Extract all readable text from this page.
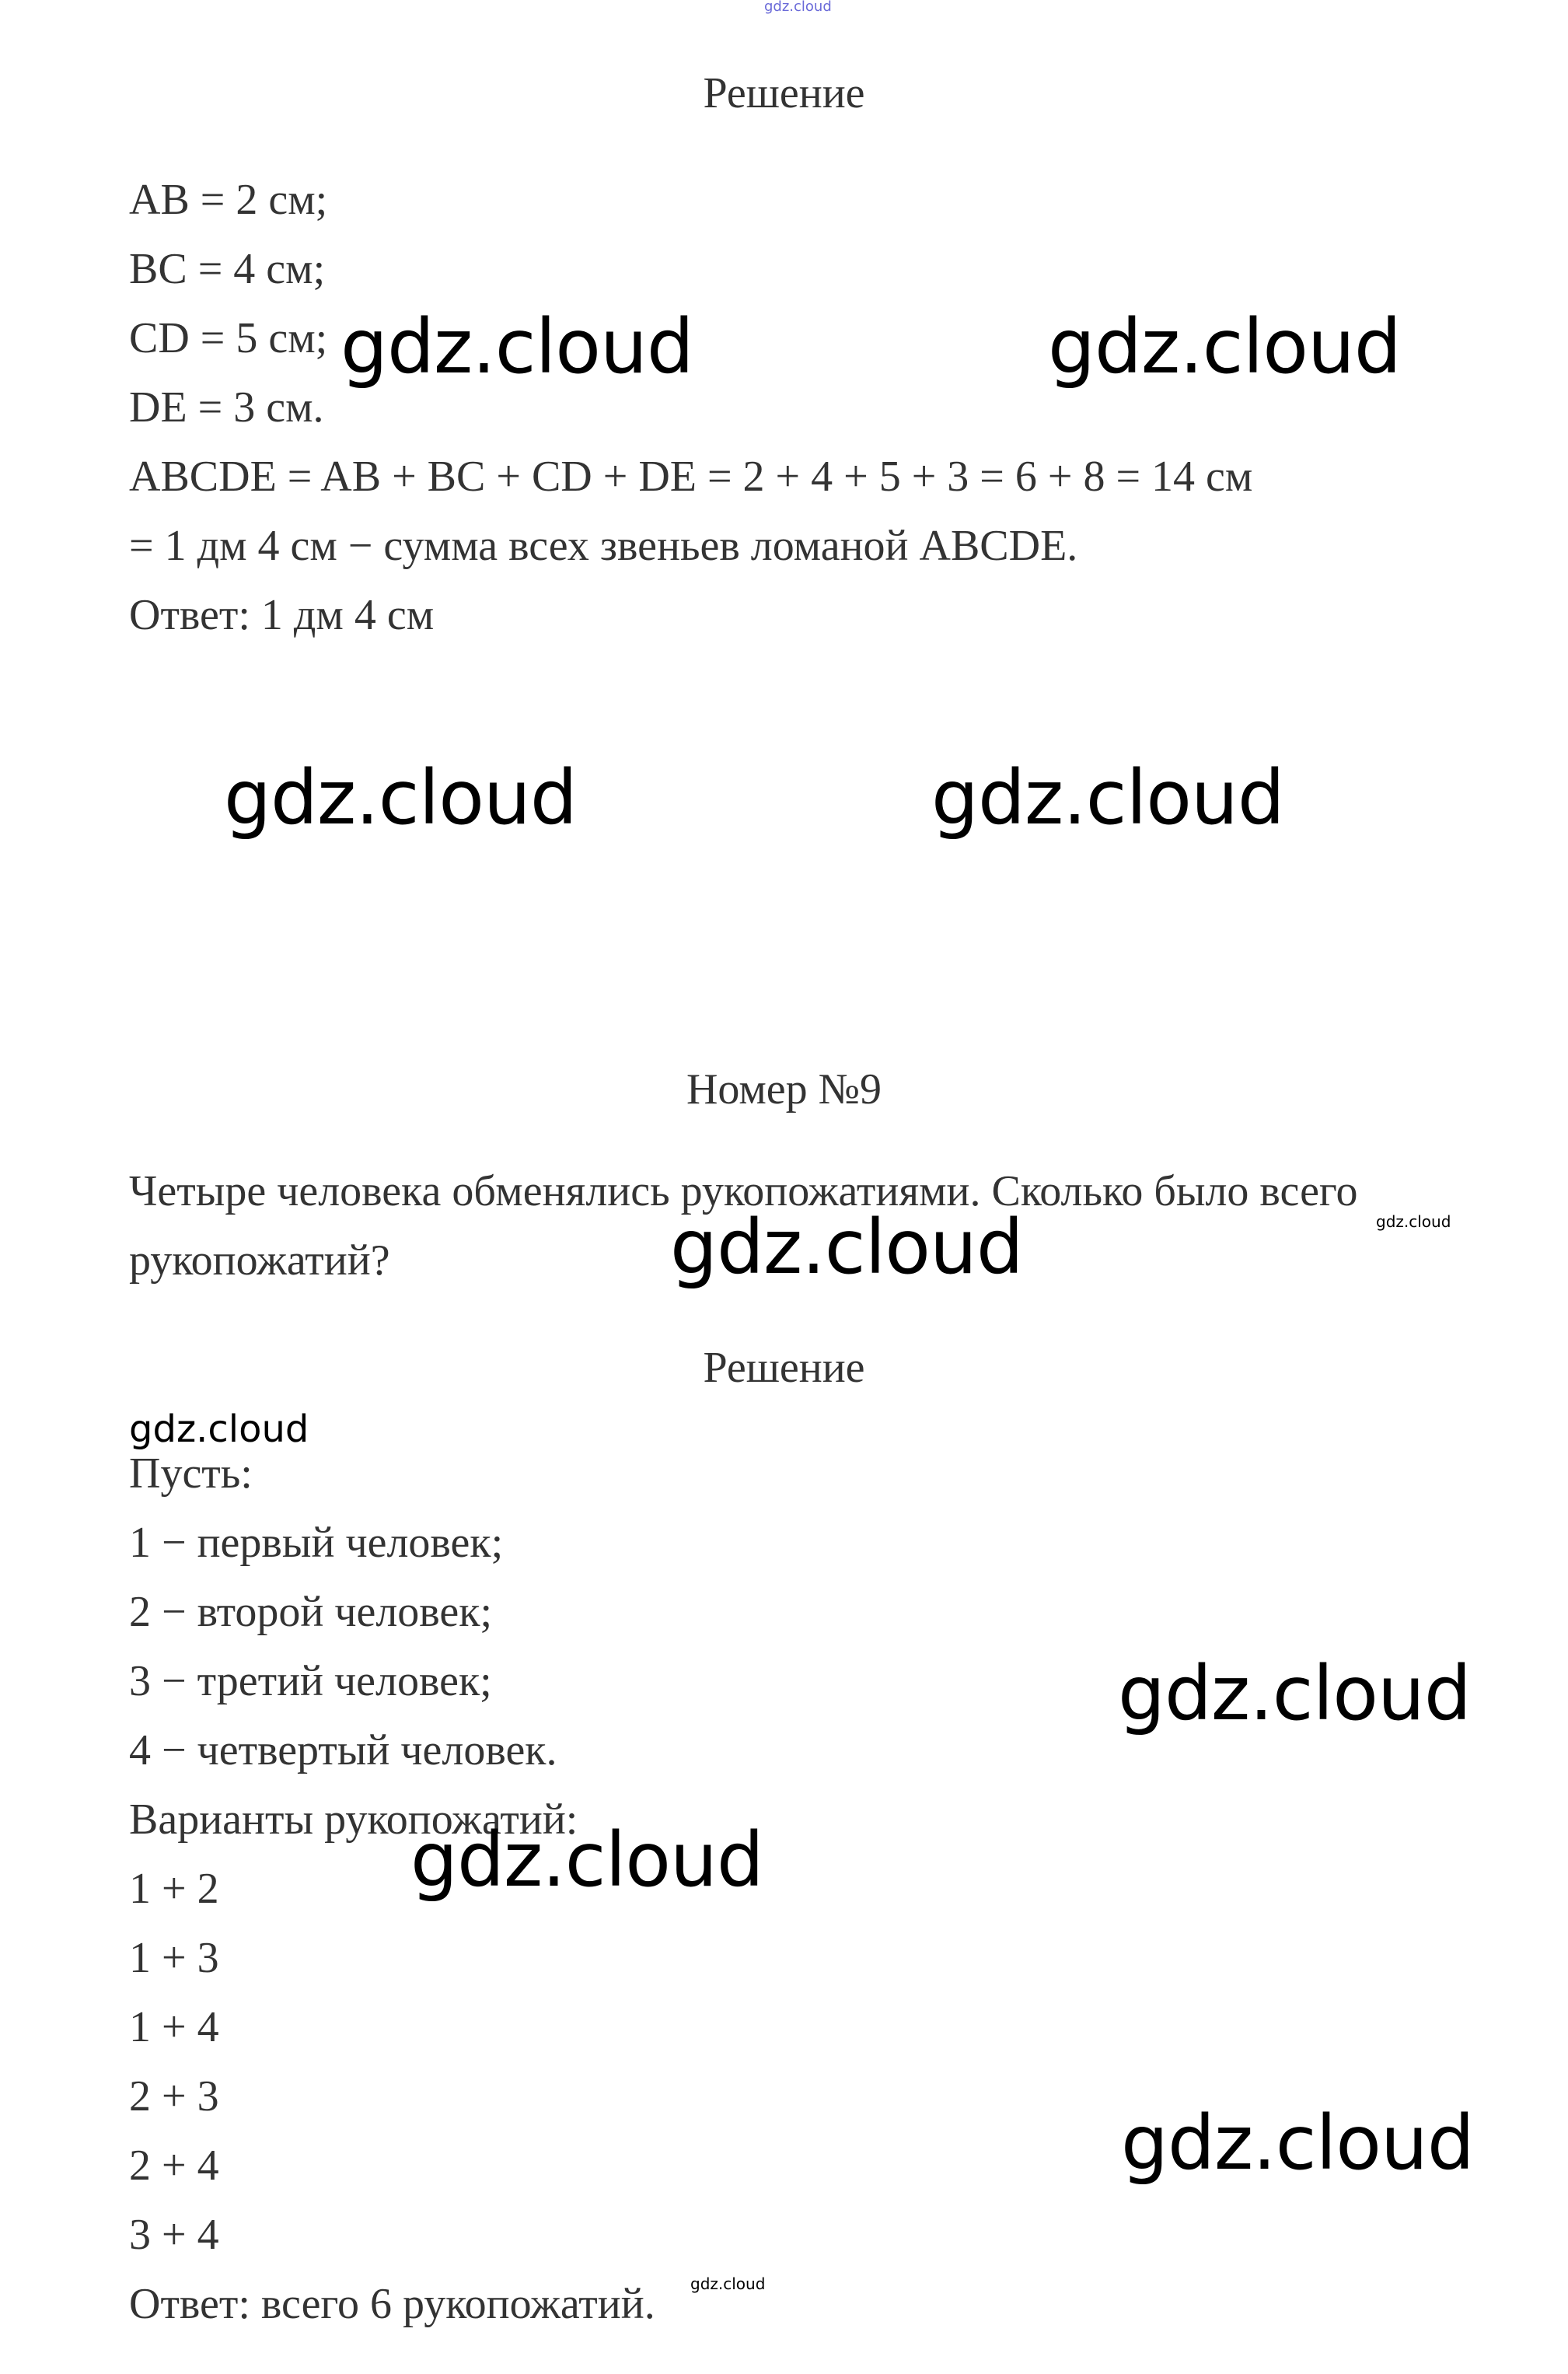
gdz.cloud
Решение
AB = 2 см;
BC = 4 см;
CD = 5 см;
DE = 3 см.
ABCDE = AB + BC + CD + DE = 2 + 4 + 5 + 3 = 6 + 8 = 14 см
= 1 дм 4 см − сумма всех звеньев ломаной ABCDE.
Ответ: 1 дм 4 см
Номер №9
Четыре человека обменялись рукопожатиями. Сколько было всего
рукопожатий?
Решение
Пусть:
1 − первый человек;
2 − второй человек;
3 − третий человек;
4 − четвертый человек.
Варианты рукопожатий:
1 + 2
1 + 3
1 + 4
2 + 3
2 + 4
3 + 4
Ответ: всего 6 рукопожатий.
gdz.cloud	gdz.cloud
gdz.cloud	gdz.cloud
gdz.cloud	gdz.cloud
gdz.cloud
gdz.cloud
gdz.cloud
gdz.cloud
gdz.cloud
